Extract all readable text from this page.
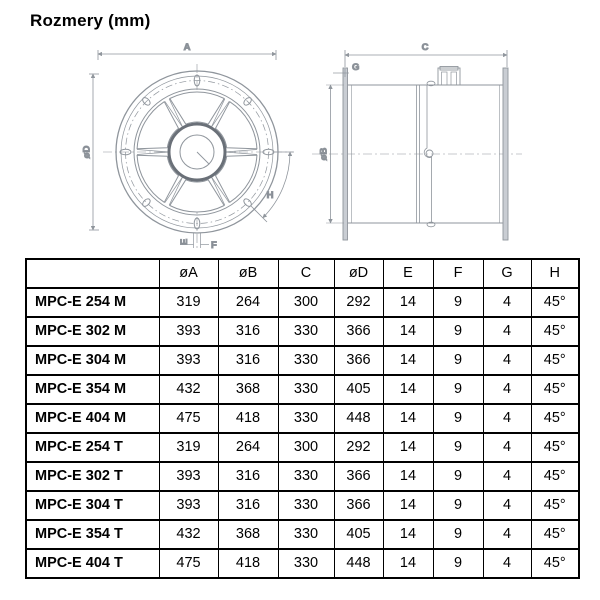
Rozmery (mm)
A
øD
H
E F
C
G
øB
	øA	øB	C	øD	E	F	G	H
MPC-E 254 M	319	264	300	292	14	9	4	45°
MPC-E 302 M	393	316	330	366	14	9	4	45°
MPC-E 304 M	393	316	330	366	14	9	4	45°
MPC-E 354 M	432	368	330	405	14	9	4	45°
MPC-E 404 M	475	418	330	448	14	9	4	45°
MPC-E 254 T	319	264	300	292	14	9	4	45°
MPC-E 302 T	393	316	330	366	14	9	4	45°
MPC-E 304 T	393	316	330	366	14	9	4	45°
MPC-E 354 T	432	368	330	405	14	9	4	45°
MPC-E 404 T	475	418	330	448	14	9	4	45°
